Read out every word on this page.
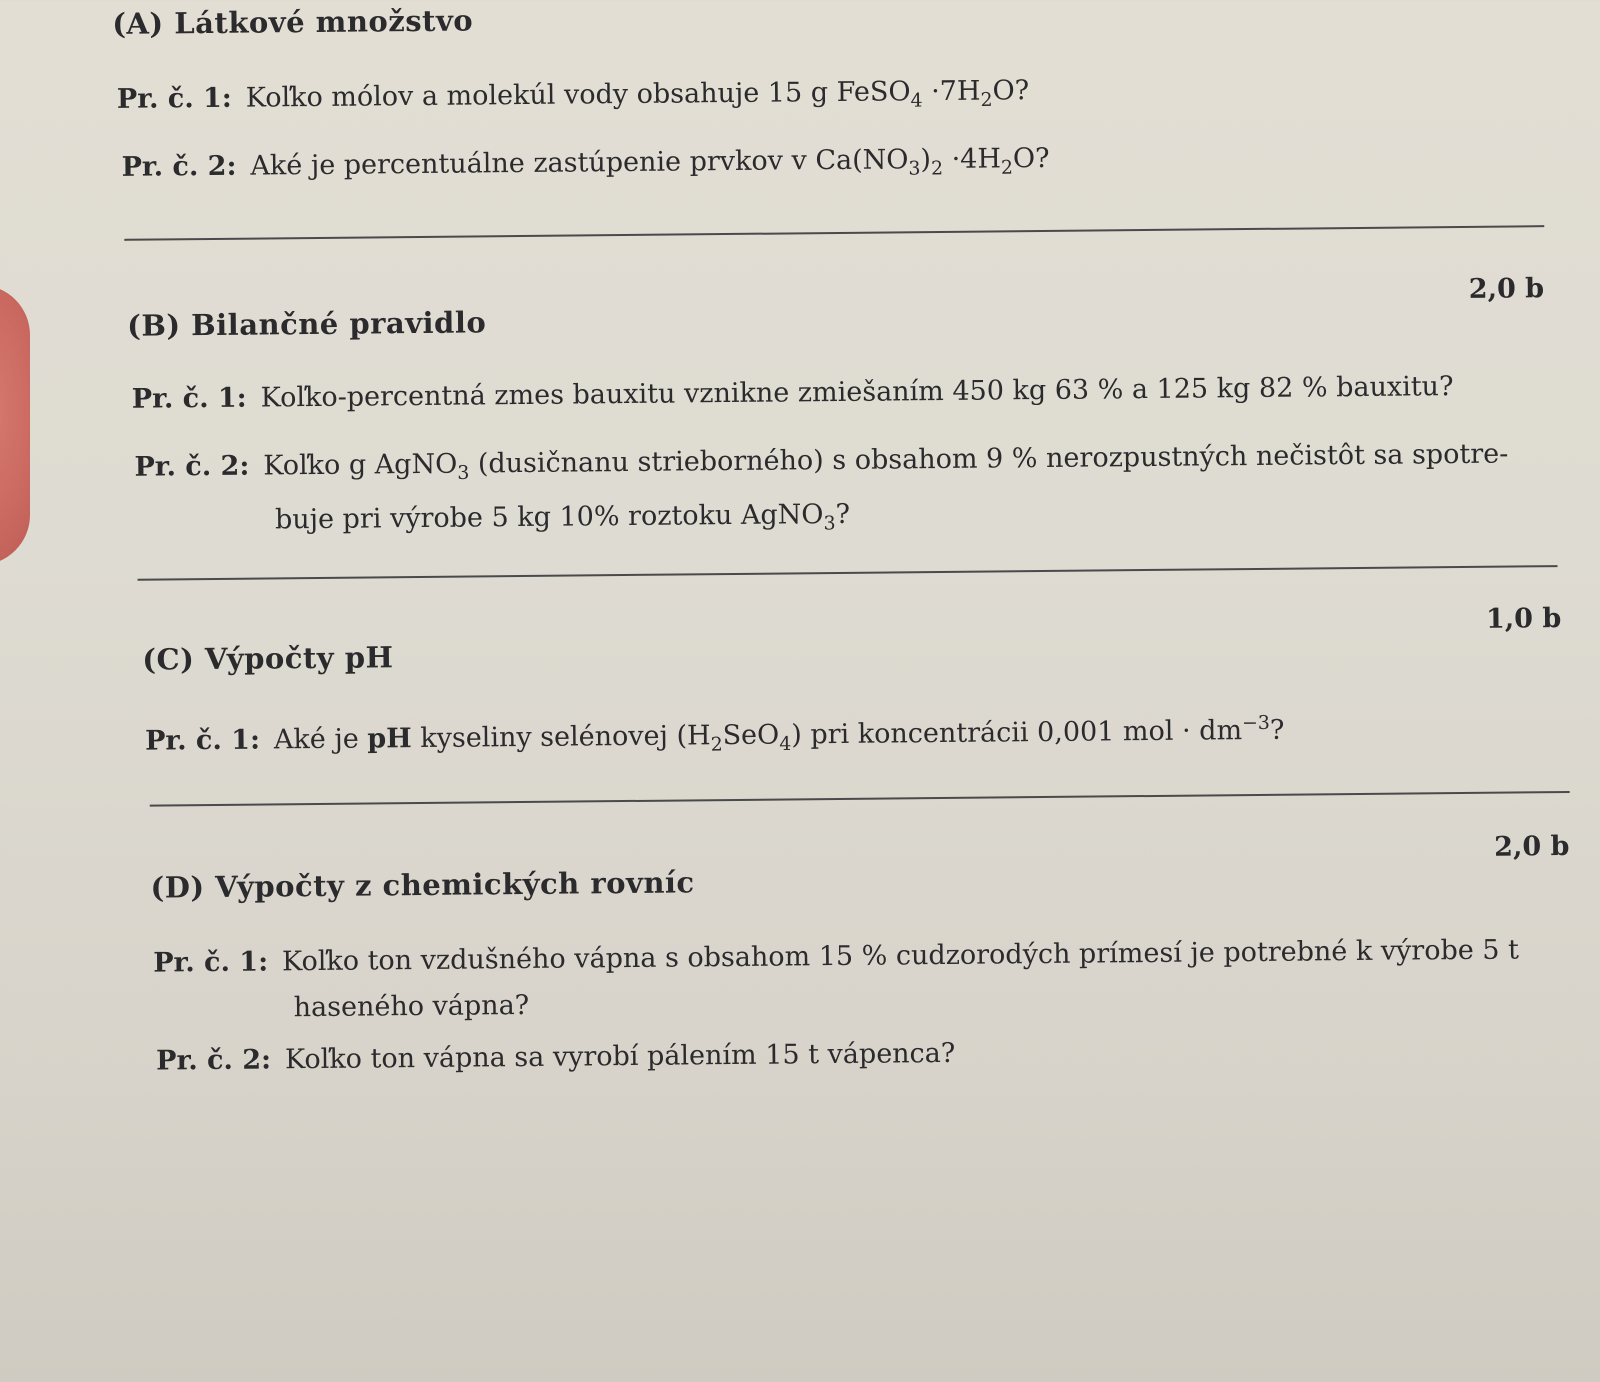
(A) Látkové množstvo
Pr. č. 1: Koľko mólov a molekúl vody obsahuje 15 g FeSO$_4$ $\cdot 7H_2O$?
Pr. č. 2: Aké je percentuálne zastúpenie prvkov v $Ca(NO_3)_2 \cdot 4H_2O$?
2,0 b
(B) Bilančné pravidlo
Pr. č. 1: Koľko-percentná zmes bauxitu vznikne zmiešaním 450 kg 63 % a 125 kg 82 % bauxitu?
Pr. č. 2: Koľko g AgNO$_3$ (dusičnanu strieborného) s obsahom 9 % nerozpustných nečistôt sa spotre-
buje pri výrobe 5 kg 10% roztoku AgNO$_3$?
1,0 b
(C) Výpočty pH
Pr. č. 1: Aké je pH kyseliny selénovej $(H_2SeO_4)$ pri koncentrácii 0,001 mol · $dm^{-3}$?
2,0 b
(D) Výpočty z chemických rovníc
Pr. č. 1: Koľko ton vzdušného vápna s obsahom 15 % cudzorodých prímesí je potrebné k výrobe 5 t
haseného vápna?
Pr. č. 2: Koľko ton vápna sa vyrobí pálením 15 t vápenca?
